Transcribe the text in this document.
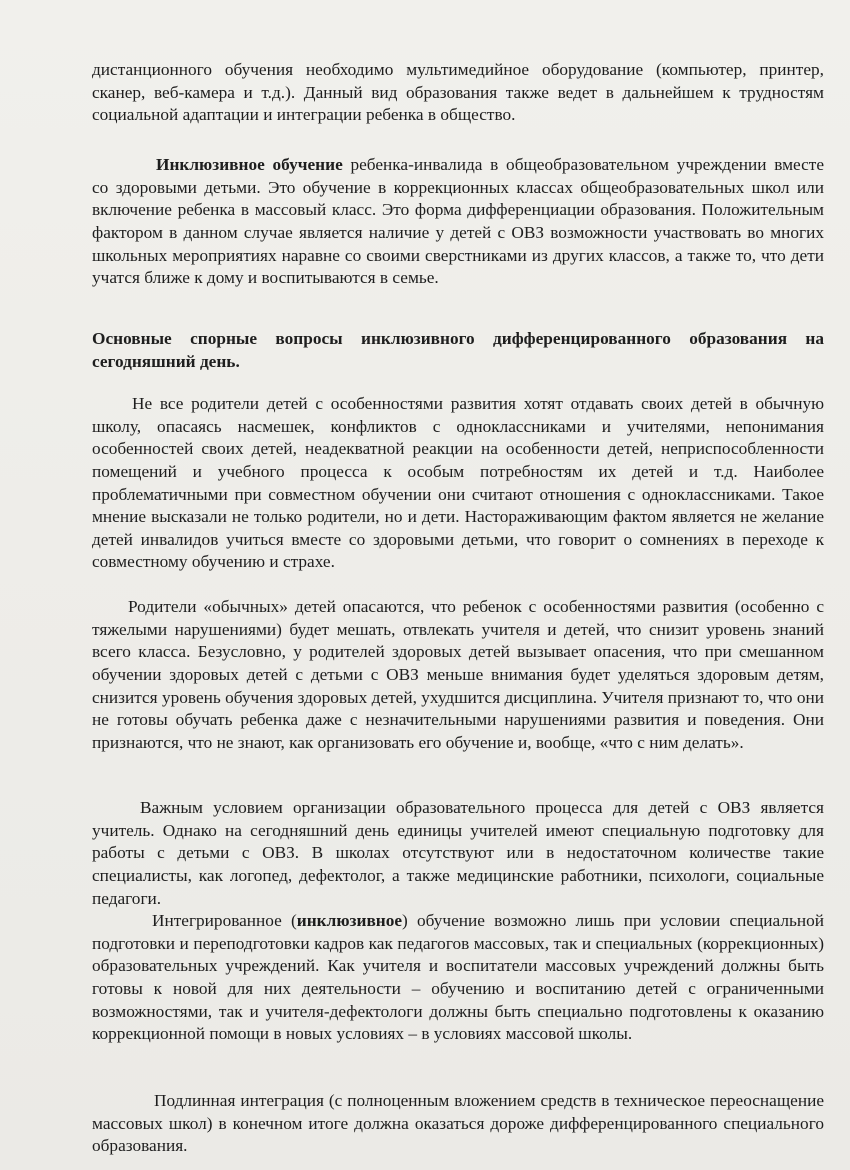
дистанционного обучения необходимо мультимедийное оборудование (компьютер, принтер, сканер, веб-камера и т.д.). Данный вид образования также ведет в дальнейшем к трудностям социальной адаптации и интеграции ребенка в общество.

Инклюзивное обучение ребенка-инвалида в общеобразовательном учреждении вместе со здоровыми детьми. Это обучение в коррекционных классах общеобразовательных школ или включение ребенка в массовый класс. Это форма дифференциации образования. Положительным фактором в данном случае является наличие у детей с ОВЗ возможности участвовать во многих школьных мероприятиях наравне со своими сверстниками из других классов, а также то, что дети учатся ближе к дому и воспитываются в семье.

Основные спорные вопросы инклюзивного дифференцированного образования на сегодняшний день.

Не все родители детей с особенностями развития хотят отдавать своих детей в обычную школу, опасаясь насмешек, конфликтов с одноклассниками и учителями, непонимания особенностей своих детей, неадекватной реакции на особенности детей, неприспособленности помещений и учебного процесса к особым потребностям их детей и т.д. Наиболее проблематичными при совместном обучении они считают отношения с одноклассниками. Такое мнение высказали не только родители, но и дети. Настораживающим фактом является не желание детей инвалидов учиться вместе со здоровыми детьми, что говорит о сомнениях в переходе к совместному обучению и страхе.

Родители «обычных» детей опасаются, что ребенок с особенностями развития (особенно с тяжелыми нарушениями) будет мешать, отвлекать учителя и детей, что снизит уровень знаний всего класса. Безусловно, у родителей здоровых детей вызывает опасения, что при смешанном обучении здоровых детей с детьми с ОВЗ меньше внимания будет уделяться здоровым детям, снизится уровень обучения здоровых детей, ухудшится дисциплина. Учителя признают то, что они не готовы обучать ребенка даже с незначительными нарушениями развития и поведения. Они признаются, что не знают, как организовать его обучение и, вообще, «что с ним делать».

Важным условием организации образовательного процесса для детей с ОВЗ является учитель. Однако на сегодняшний день единицы учителей имеют специальную подготовку для работы с детьми с ОВЗ. В школах отсутствуют или в недостаточном количестве такие специалисты, как логопед, дефектолог, а также медицинские работники, психологи, социальные педагоги.

Интегрированное (инклюзивное) обучение возможно лишь при условии специальной подготовки и переподготовки кадров как педагогов массовых, так и специальных (коррекционных) образовательных учреждений. Как учителя и воспитатели массовых учреждений должны быть готовы к новой для них деятельности – обучению и воспитанию детей с ограниченными возможностями, так и учителя-дефектологи должны быть специально подготовлены к оказанию коррекционной помощи в новых условиях – в условиях массовой школы.

Подлинная интеграция (с полноценным вложением средств в техническое переоснащение массовых школ) в конечном итоге должна оказаться дороже дифференцированного специального образования.
